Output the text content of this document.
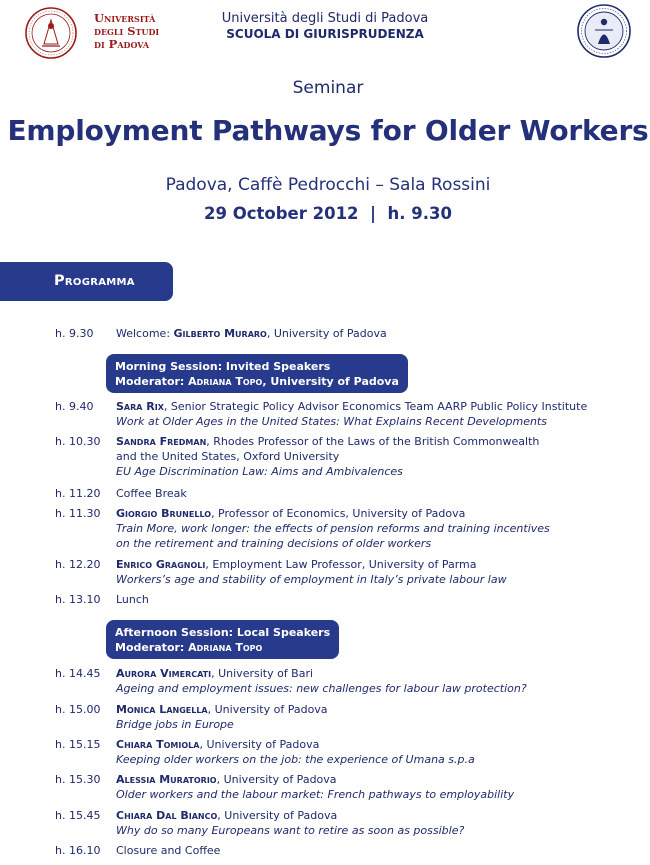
Università
degli Studi
di Padova
Università degli Studi di Padova
SCUOLA DI GIURISPRUDENZA
Seminar
Employment Pathways for Older Workers
Padova, Caffè Pedrocchi – Sala Rossini
29 October 2012  |  h. 9.30
Programma
h. 9.30	Welcome: Gilberto Muraro, University of Padova
Morning Session: Invited Speakers
Moderator: Adriana Topo, University of Padova
h. 9.40	Sara Rix, Senior Strategic Policy Advisor Economics Team AARP Public Policy Institute
Work at Older Ages in the United States: What Explains Recent Developments
h. 10.30	Sandra Fredman, Rhodes Professor of the Laws of the British Commonwealth
and the United States, Oxford University
EU Age Discrimination Law: Aims and Ambivalences
h. 11.20	Coffee Break
h. 11.30	Giorgio Brunello, Professor of Economics, University of Padova
Train More, work longer: the effects of pension reforms and training incentives
on the retirement and training decisions of older workers
h. 12.20	Enrico Gragnoli, Employment Law Professor, University of Parma
Workers’s age and stability of employment in Italy’s private labour law
h. 13.10	Lunch
Afternoon Session: Local Speakers
Moderator: Adriana Topo
h. 14.45	Aurora Vimercati, University of Bari
Ageing and employment issues: new challenges for labour law protection?
h. 15.00	Monica Langella, University of Padova
Bridge jobs in Europe
h. 15.15	Chiara Tomiola, University of Padova
Keeping older workers on the job: the experience of Umana s.p.a
h. 15.30	Alessia Muratorio, University of Padova
Older workers and the labour market: French pathways to employability
h. 15.45	Chiara Dal Bianco, University of Padova
Why do so many Europeans want to retire as soon as possible?
h. 16.10	Closure and Coffee
